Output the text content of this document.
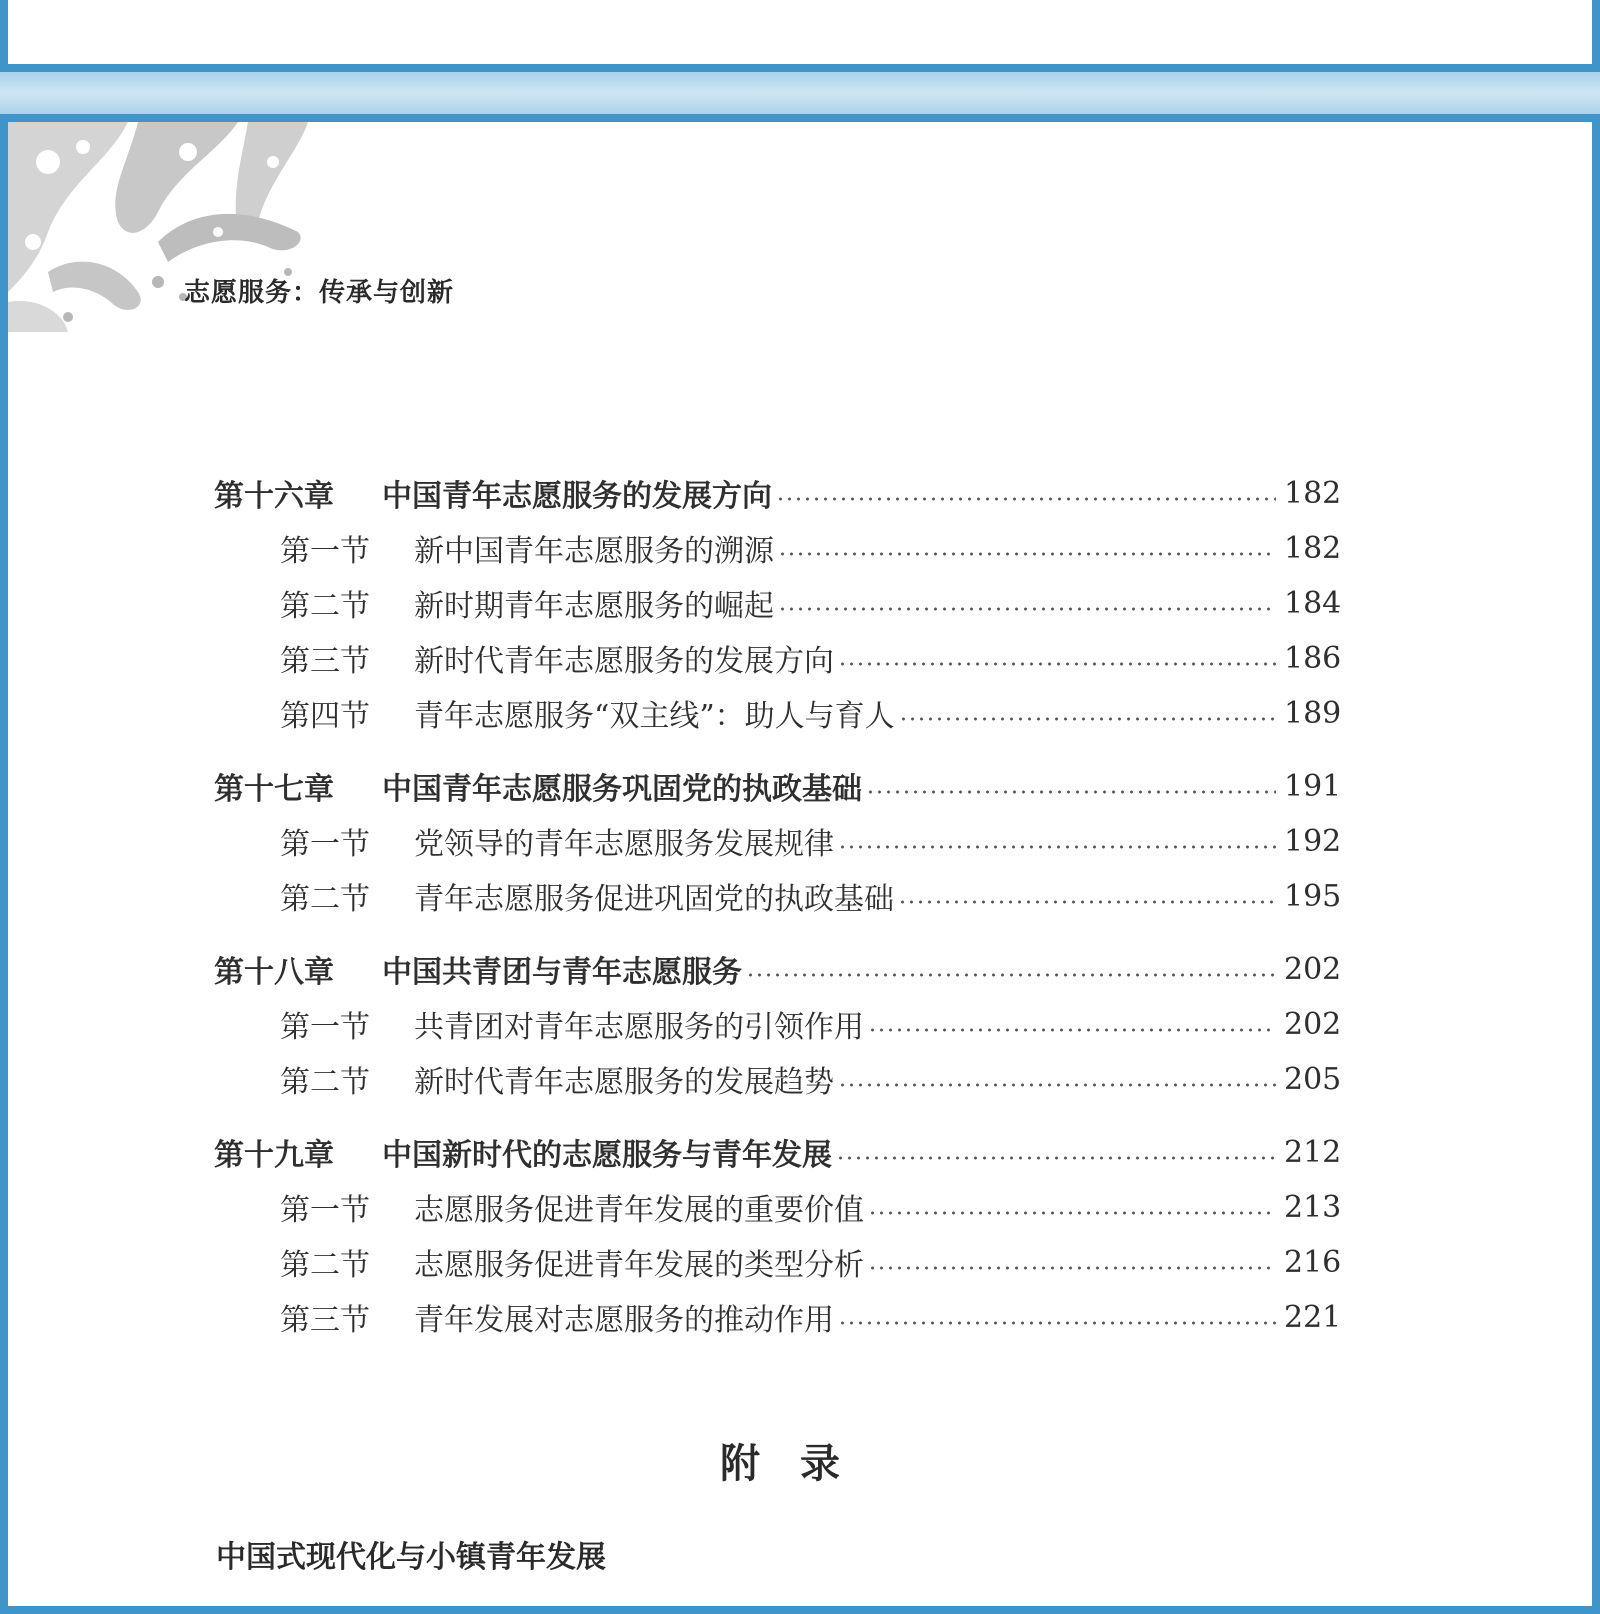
志愿服务：传承与创新
第十六章	中国青年志愿服务的发展方向	182
第一节	新中国青年志愿服务的溯源	182
第二节	新时期青年志愿服务的崛起	184
第三节	新时代青年志愿服务的发展方向	186
第四节	青年志愿服务“双主线”：助人与育人	189
第十七章	中国青年志愿服务巩固党的执政基础	191
第一节	党领导的青年志愿服务发展规律	192
第二节	青年志愿服务促进巩固党的执政基础	195
第十八章	中国共青团与青年志愿服务	202
第一节	共青团对青年志愿服务的引领作用	202
第二节	新时代青年志愿服务的发展趋势	205
第十九章	中国新时代的志愿服务与青年发展	212
第一节	志愿服务促进青年发展的重要价值	213
第二节	志愿服务促进青年发展的类型分析	216
第三节	青年发展对志愿服务的推动作用	221
附　录
中国式现代化与小镇青年发展
